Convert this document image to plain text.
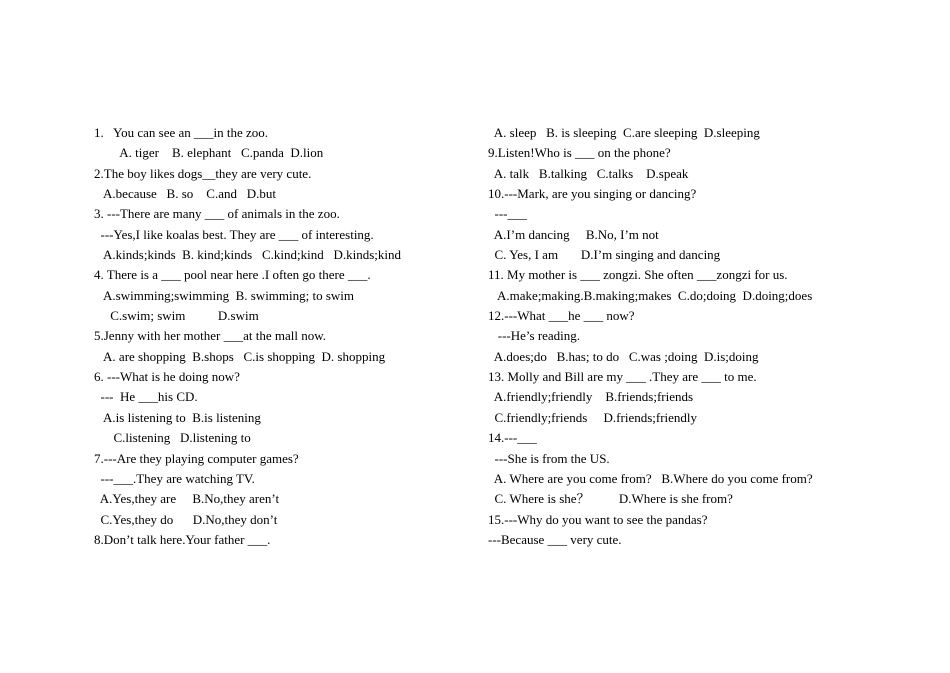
1.   You can see an ___in the zoo.
A. tiger    B. elephant   C.panda  D.lion
2.The boy likes dogs__they are very cute.
A.because   B. so    C.and   D.but
3. ---There are many ___ of animals in the zoo.
---Yes,I like koalas best. They are ___ of interesting.
A.kinds;kinds  B. kind;kinds   C.kind;kind   D.kinds;kind
4. There is a ___ pool near here .I often go there ___.
A.swimming;swimming  B. swimming; to swim
C.swim; swim          D.swim
5.Jenny with her mother ___at the mall now.
A. are shopping  B.shops   C.is shopping  D. shopping
6. ---What is he doing now?
---  He ___his CD.
A.is listening to  B.is listening
C.listening   D.listening to
7.---Are they playing computer games?
---___.They are watching TV.
A.Yes,they are     B.No,they aren’t
C.Yes,they do      D.No,they don’t
8.Don’t talk here.Your father ___.
A. sleep   B. is sleeping  C.are sleeping  D.sleeping
9.Listen!Who is ___ on the phone?
A. talk   B.talking   C.talks    D.speak
10.---Mark, are you singing or dancing?
---___
A.I’m dancing     B.No, I’m not
C. Yes, I am       D.I’m singing and dancing
11. My mother is ___ zongzi. She often ___zongzi for us.
A.make;making.B.making;makes  C.do;doing  D.doing;does
12.---What ___he ___ now?
---He’s reading.
A.does;do   B.has; to do   C.was ;doing  D.is;doing
13. Molly and Bill are my ___ .They are ___ to me.
A.friendly;friendly    B.friends;friends
C.friendly;friends     D.friends;friendly
14.---___
---She is from the US.
A. Where are you come from?   B.Where do you come from?
C. Where is she？         D.Where is she from?
15.---Why do you want to see the pandas?
---Because ___ very cute.
